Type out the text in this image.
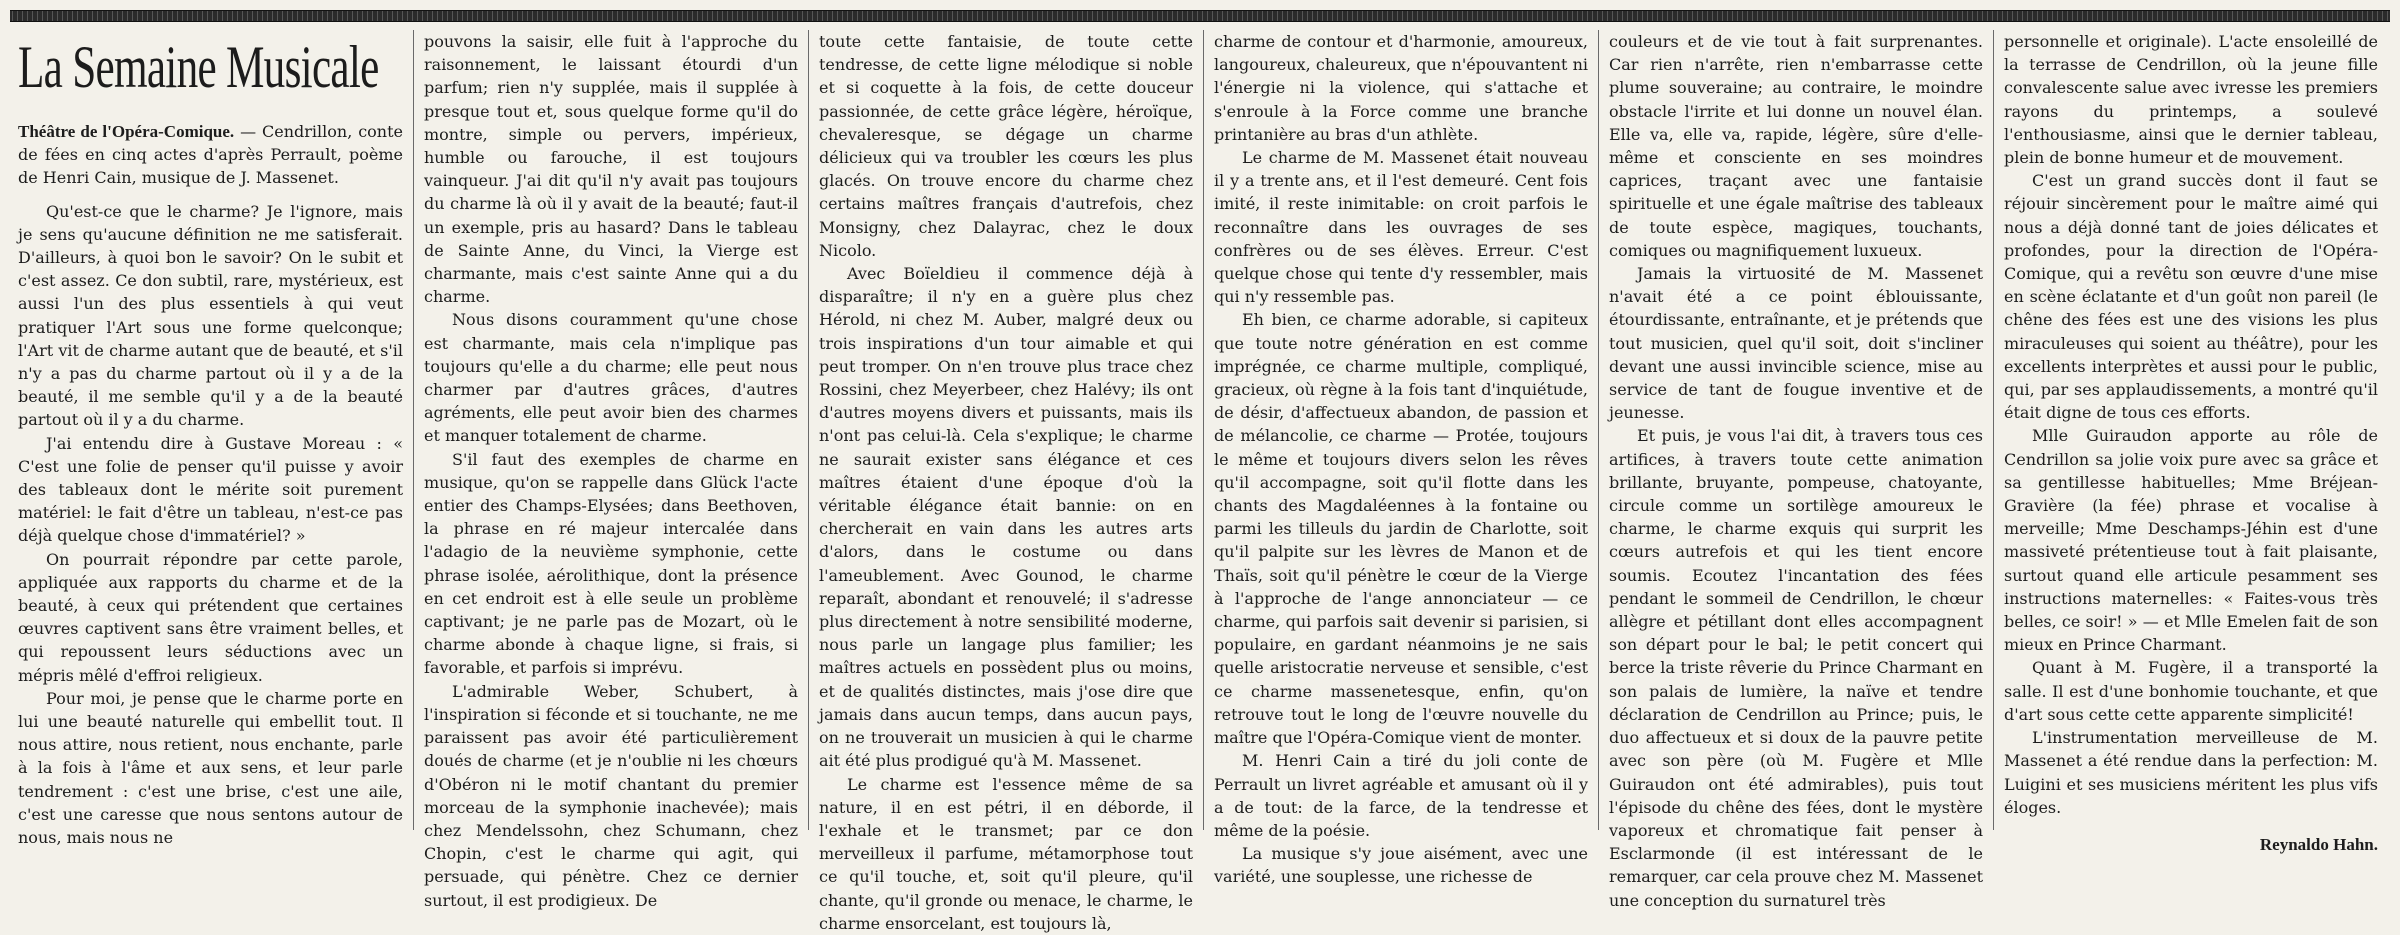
La Semaine Musicale

Théâtre de l'Opéra-Comique. — Cendrillon, conte de fées en cinq actes d'après Perrault, poème de Henri Cain, musique de J. Massenet.

Qu'est-ce que le charme? Je l'ignore, mais je sens qu'aucune définition ne me satisferait. D'ailleurs, à quoi bon le savoir? On le subit et c'est assez. Ce don subtil, rare, mystérieux, est aussi l'un des plus essentiels à qui veut pratiquer l'Art sous une forme quelconque; l'Art vit de charme autant que de beauté, et s'il n'y a pas du charme partout où il y a de la beauté, il me semble qu'il y a de la beauté partout où il y a du charme.

J'ai entendu dire à Gustave Moreau : « C'est une folie de penser qu'il puisse y avoir des tableaux dont le mérite soit purement matériel: le fait d'être un tableau, n'est-ce pas déjà quelque chose d'immatériel? »

On pourrait répondre par cette parole, appliquée aux rapports du charme et de la beauté, à ceux qui prétendent que certaines œuvres captivent sans être vraiment belles, et qui repoussent leurs séductions avec un mépris mêlé d'effroi religieux.

Pour moi, je pense que le charme porte en lui une beauté naturelle qui embellit tout. Il nous attire, nous retient, nous enchante, parle à la fois à l'âme et aux sens, et leur parle tendrement : c'est une brise, c'est une aile, c'est une caresse que nous sentons autour de nous, mais nous ne

pouvons la saisir, elle fuit à l'approche du raisonnement, le laissant étourdi d'un parfum; rien n'y supplée, mais il supplée à presque tout et, sous quelque forme qu'il do montre, simple ou pervers, impérieux, humble ou farouche, il est toujours vainqueur. J'ai dit qu'il n'y avait pas toujours du charme là où il y avait de la beauté; faut-il un exemple, pris au hasard? Dans le tableau de Sainte Anne, du Vinci, la Vierge est charmante, mais c'est sainte Anne qui a du charme.

Nous disons couramment qu'une chose est charmante, mais cela n'implique pas toujours qu'elle a du charme; elle peut nous charmer par d'autres grâces, d'autres agréments, elle peut avoir bien des charmes et manquer totalement de charme.

S'il faut des exemples de charme en musique, qu'on se rappelle dans Glück l'acte entier des Champs-Elysées; dans Beethoven, la phrase en ré majeur intercalée dans l'adagio de la neuvième symphonie, cette phrase isolée, aérolithique, dont la présence en cet endroit est à elle seule un problème captivant; je ne parle pas de Mozart, où le charme abonde à chaque ligne, si frais, si favorable, et parfois si imprévu.

L'admirable Weber, Schubert, à l'inspiration si féconde et si touchante, ne me paraissent pas avoir été particulièrement doués de charme (et je n'oublie ni les chœurs d'Obéron ni le motif chantant du premier morceau de la symphonie inachevée); mais chez Mendelssohn, chez Schumann, chez Chopin, c'est le charme qui agit, qui persuade, qui pénètre. Chez ce dernier surtout, il est prodigieux. De

toute cette fantaisie, de toute cette tendresse, de cette ligne mélodique si noble et si coquette à la fois, de cette douceur passionnée, de cette grâce légère, héroïque, chevaleresque, se dégage un charme délicieux qui va troubler les cœurs les plus glacés. On trouve encore du charme chez certains maîtres français d'autrefois, chez Monsigny, chez Dalayrac, chez le doux Nicolo.

Avec Boïeldieu il commence déjà à disparaître; il n'y en a guère plus chez Hérold, ni chez M. Auber, malgré deux ou trois inspirations d'un tour aimable et qui peut tromper. On n'en trouve plus trace chez Rossini, chez Meyerbeer, chez Halévy; ils ont d'autres moyens divers et puissants, mais ils n'ont pas celui-là. Cela s'explique; le charme ne saurait exister sans élégance et ces maîtres étaient d'une époque d'où la véritable élégance était bannie: on en chercherait en vain dans les autres arts d'alors, dans le costume ou dans l'ameublement. Avec Gounod, le charme reparaît, abondant et renouvelé; il s'adresse plus directement à notre sensibilité moderne, nous parle un langage plus familier; les maîtres actuels en possèdent plus ou moins, et de qualités distinctes, mais j'ose dire que jamais dans aucun temps, dans aucun pays, on ne trouverait un musicien à qui le charme ait été plus prodigué qu'à M. Massenet.

Le charme est l'essence même de sa nature, il en est pétri, il en déborde, il l'exhale et le transmet; par ce don merveilleux il parfume, métamorphose tout ce qu'il touche, et, soit qu'il pleure, qu'il chante, qu'il gronde ou menace, le charme, le charme ensorcelant, est toujours là,

charme de contour et d'harmonie, amoureux, langoureux, chaleureux, que n'épouvantent ni l'énergie ni la violence, qui s'attache et s'enroule à la Force comme une branche printanière au bras d'un athlète.

Le charme de M. Massenet était nouveau il y a trente ans, et il l'est demeuré. Cent fois imité, il reste inimitable: on croit parfois le reconnaître dans les ouvrages de ses confrères ou de ses élèves. Erreur. C'est quelque chose qui tente d'y ressembler, mais qui n'y ressemble pas.

Eh bien, ce charme adorable, si capiteux que toute notre génération en est comme imprégnée, ce charme multiple, compliqué, gracieux, où règne à la fois tant d'inquiétude, de désir, d'affectueux abandon, de passion et de mélancolie, ce charme — Protée, toujours le même et toujours divers selon les rêves qu'il accompagne, soit qu'il flotte dans les chants des Magdaléennes à la fontaine ou parmi les tilleuls du jardin de Charlotte, soit qu'il palpite sur les lèvres de Manon et de Thaïs, soit qu'il pénètre le cœur de la Vierge à l'approche de l'ange annonciateur — ce charme, qui parfois sait devenir si parisien, si populaire, en gardant néanmoins je ne sais quelle aristocratie nerveuse et sensible, c'est ce charme massenetesque, enfin, qu'on retrouve tout le long de l'œuvre nouvelle du maître que l'Opéra-Comique vient de monter.

M. Henri Cain a tiré du joli conte de Perrault un livret agréable et amusant où il y a de tout: de la farce, de la tendresse et même de la poésie.

La musique s'y joue aisément, avec une variété, une souplesse, une richesse de

couleurs et de vie tout à fait surprenantes. Car rien n'arrête, rien n'embarrasse cette plume souveraine; au contraire, le moindre obstacle l'irrite et lui donne un nouvel élan. Elle va, elle va, rapide, légère, sûre d'elle-même et consciente en ses moindres caprices, traçant avec une fantaisie spirituelle et une égale maîtrise des tableaux de toute espèce, magiques, touchants, comiques ou magnifiquement luxueux.

Jamais la virtuosité de M. Massenet n'avait été a ce point éblouissante, étourdissante, entraînante, et je prétends que tout musicien, quel qu'il soit, doit s'incliner devant une aussi invincible science, mise au service de tant de fougue inventive et de jeunesse.

Et puis, je vous l'ai dit, à travers tous ces artifices, à travers toute cette animation brillante, bruyante, pompeuse, chatoyante, circule comme un sortilège amoureux le charme, le charme exquis qui surprit les cœurs autrefois et qui les tient encore soumis. Ecoutez l'incantation des fées pendant le sommeil de Cendrillon, le chœur allègre et pétillant dont elles accompagnent son départ pour le bal; le petit concert qui berce la triste rêverie du Prince Charmant en son palais de lumière, la naïve et tendre déclaration de Cendrillon au Prince; puis, le duo affectueux et si doux de la pauvre petite avec son père (où M. Fugère et Mlle Guiraudon ont été admirables), puis tout l'épisode du chêne des fées, dont le mystère vaporeux et chromatique fait penser à Esclarmonde (il est intéressant de le remarquer, car cela prouve chez M. Massenet une conception du surnaturel très

personnelle et originale). L'acte ensoleillé de la terrasse de Cendrillon, où la jeune fille convalescente salue avec ivresse les premiers rayons du printemps, a soulevé l'enthousiasme, ainsi que le dernier tableau, plein de bonne humeur et de mouvement.

C'est un grand succès dont il faut se réjouir sincèrement pour le maître aimé qui nous a déjà donné tant de joies délicates et profondes, pour la direction de l'Opéra-Comique, qui a revêtu son œuvre d'une mise en scène éclatante et d'un goût non pareil (le chêne des fées est une des visions les plus miraculeuses qui soient au théâtre), pour les excellents interprètes et aussi pour le public, qui, par ses applaudissements, a montré qu'il était digne de tous ces efforts.

Mlle Guiraudon apporte au rôle de Cendrillon sa jolie voix pure avec sa grâce et sa gentillesse habituelles; Mme Bréjean-Gravière (la fée) phrase et vocalise à merveille; Mme Deschamps-Jéhin est d'une massiveté prétentieuse tout à fait plaisante, surtout quand elle articule pesamment ses instructions maternelles: « Faites-vous très belles, ce soir! » — et Mlle Emelen fait de son mieux en Prince Charmant.

Quant à M. Fugère, il a transporté la salle. Il est d'une bonhomie touchante, et que d'art sous cette cette apparente simplicité!

L'instrumentation merveilleuse de M. Massenet a été rendue dans la perfection: M. Luigini et ses musiciens méritent les plus vifs éloges.

Reynaldo Hahn.
